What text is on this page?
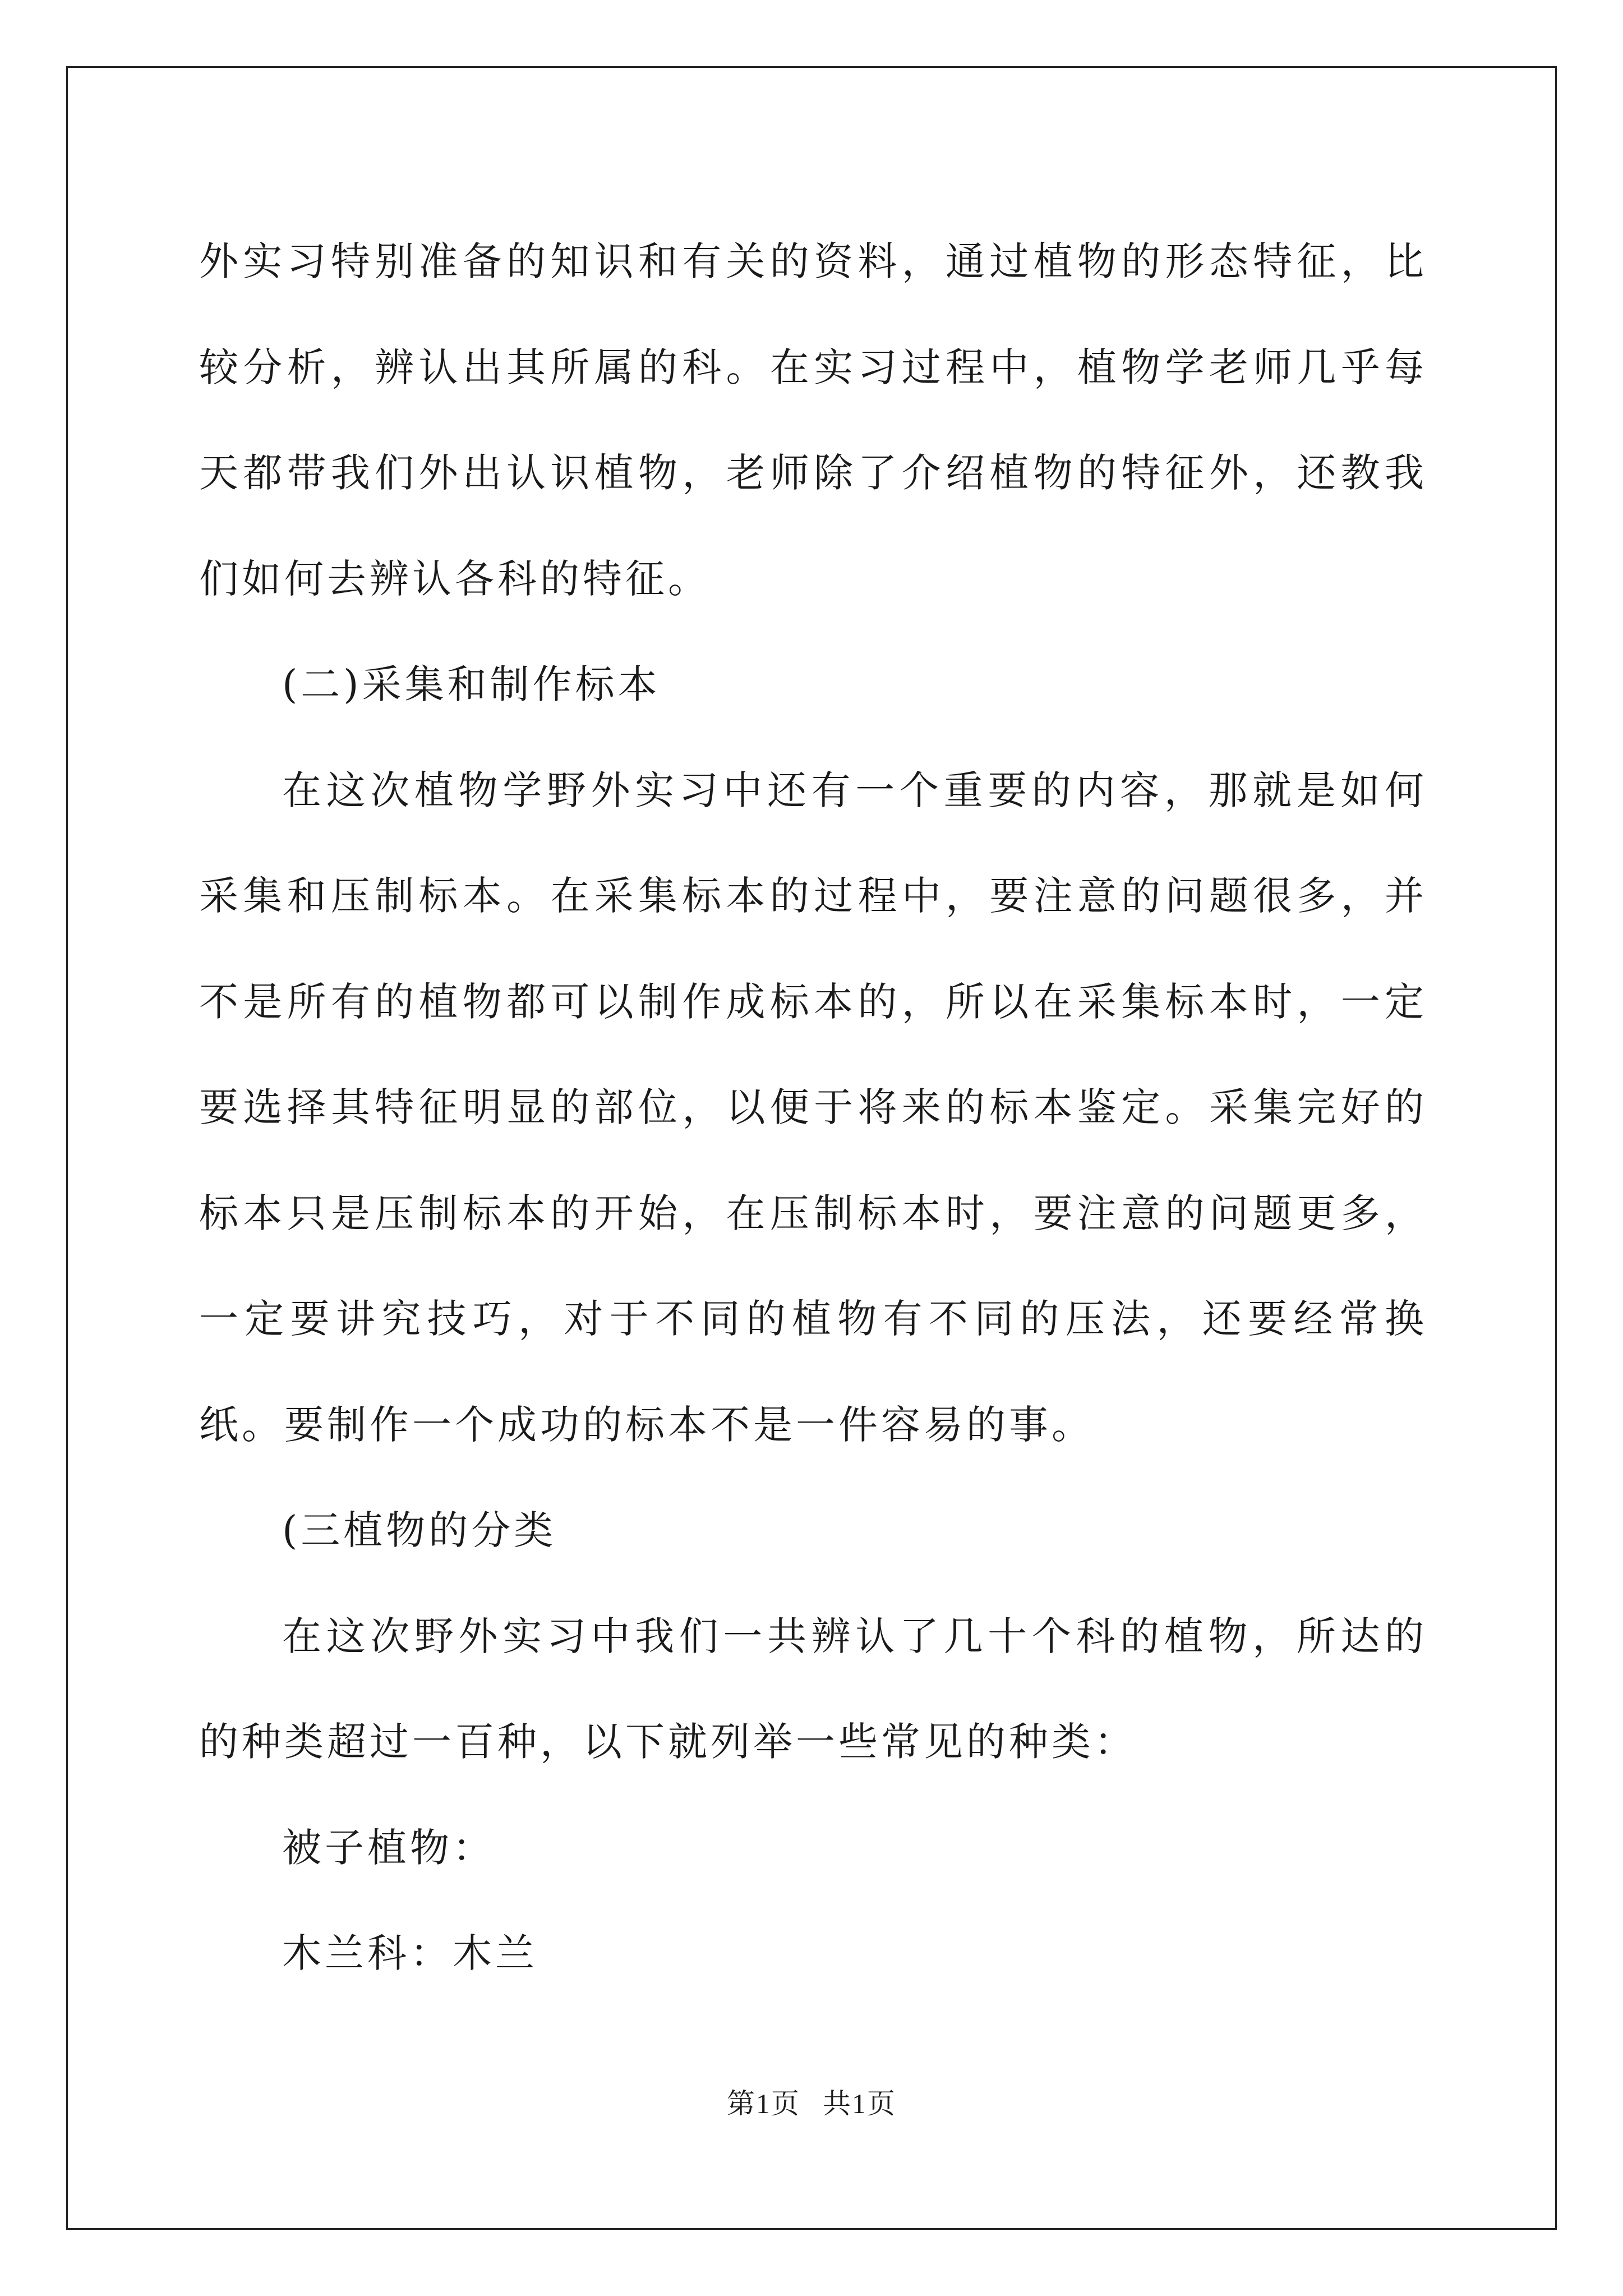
外实习特别准备的知识和有关的资料，通过植物的形态特征，比较分析，辨认出其所属的科。在实习过程中，植物学老师几乎每天都带我们外出认识植物，老师除了介绍植物的特征外，还教我们如何去辨认各科的特征。

(二)采集和制作标本

在这次植物学野外实习中还有一个重要的内容，那就是如何采集和压制标本。在采集标本的过程中，要注意的问题很多，并不是所有的植物都可以制作成标本的，所以在采集标本时，一定要选择其特征明显的部位，以便于将来的标本鉴定。采集完好的标本只是压制标本的开始，在压制标本时，要注意的问题更多，一定要讲究技巧，对于不同的植物有不同的压法，还要经常换纸。要制作一个成功的标本不是一件容易的事。

(三植物的分类

在这次野外实习中我们一共辨认了几十个科的植物，所达的的种类超过一百种，以下就列举一些常见的种类：

被子植物：

木兰科：木兰

第1页 共1页
